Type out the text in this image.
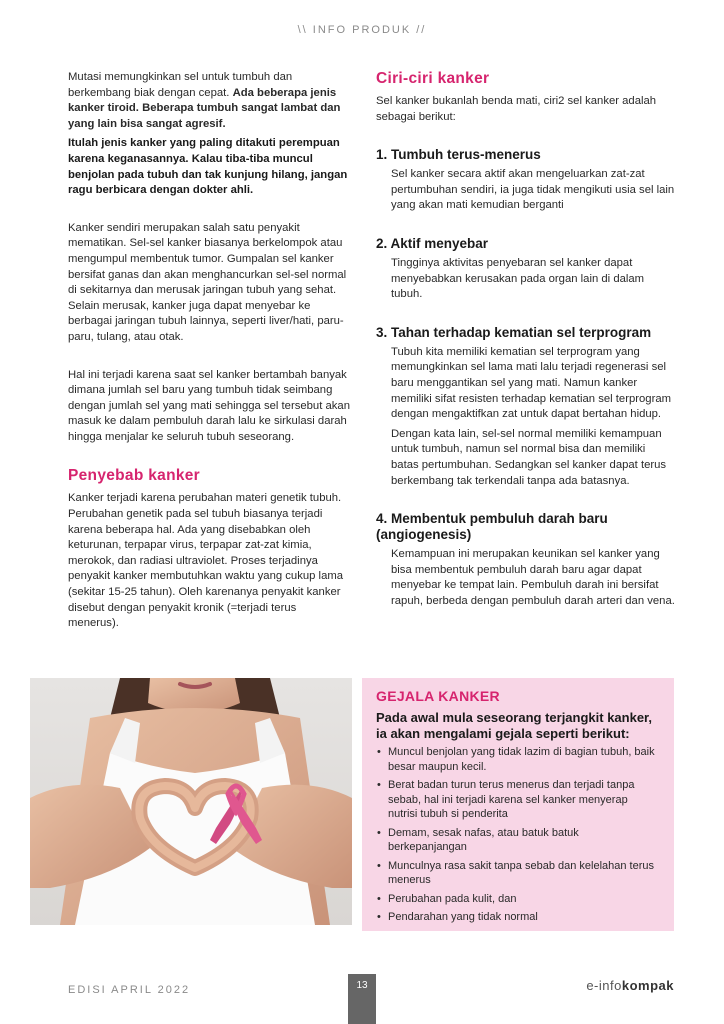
\\ INFO PRODUK //

Mutasi memungkinkan sel untuk tumbuh dan berkembang biak dengan cepat. Ada beberapa jenis kanker tiroid. Beberapa tumbuh sangat lambat dan yang lain bisa sangat agresif.

Itulah jenis kanker yang paling ditakuti perempuan karena keganasannya. Kalau tiba-tiba muncul benjolan pada tubuh dan tak kunjung hilang, jangan ragu berbicara dengan dokter ahli.

Kanker sendiri merupakan salah satu penyakit mematikan. Sel-sel kanker biasanya berkelompok atau mengumpul membentuk tumor. Gumpalan sel kanker bersifat ganas dan akan menghancurkan sel-sel normal di sekitarnya dan merusak jaringan tubuh yang sehat. Selain merusak, kanker juga dapat menyebar ke berbagai jaringan tubuh lainnya, seperti liver/hati, paru-paru, tulang, atau otak.

Hal ini terjadi karena saat sel kanker bertambah banyak dimana jumlah sel baru yang tumbuh tidak seimbang dengan jumlah sel yang mati sehingga sel tersebut akan masuk ke dalam pembuluh darah lalu ke sirkulasi darah hingga menjalar ke seluruh tubuh seseorang.

Penyebab kanker

Kanker terjadi karena perubahan materi genetik tubuh. Perubahan genetik pada sel tubuh biasanya terjadi karena beberapa hal. Ada yang disebabkan oleh keturunan, terpapar virus, terpapar zat-zat kimia, merokok, dan radiasi ultraviolet. Proses terjadinya penyakit kanker membutuhkan waktu yang cukup lama (sekitar 15-25 tahun). Oleh karenanya penyakit kanker disebut dengan penyakit kronik (=terjadi terus menerus).

Ciri-ciri kanker

Sel kanker bukanlah benda mati, ciri2 sel kanker adalah sebagai berikut:

1. Tumbuh terus-menerus

Sel kanker secara aktif akan mengeluarkan zat-zat pertumbuhan sendiri, ia juga tidak mengikuti usia sel lain yang akan mati kemudian berganti

2. Aktif menyebar

Tingginya aktivitas penyebaran sel kanker dapat menyebabkan kerusakan pada organ lain di dalam tubuh.

3. Tahan terhadap kematian sel terprogram

Tubuh kita memiliki kematian sel terprogram yang memungkinkan sel lama mati lalu terjadi regenerasi sel baru menggantikan sel yang mati. Namun kanker memiliki sifat resisten terhadap kematian sel terprogram dengan mengaktifkan zat untuk dapat bertahan hidup.

Dengan kata lain, sel-sel normal memiliki kemampuan untuk tumbuh, namun sel normal bisa dan memiliki batas pertumbuhan. Sedangkan sel kanker dapat terus berkembang tak terkendali tanpa ada batasnya.

4. Membentuk pembuluh darah baru (angiogenesis)

Kemampuan ini merupakan keunikan sel kanker yang bisa membentuk pembuluh darah baru agar dapat menyebar ke tempat lain. Pembuluh darah ini bersifat rapuh, berbeda dengan pembuluh darah arteri dan vena.

GEJALA KANKER

Pada awal mula seseorang terjangkit kanker, ia akan mengalami gejala seperti berikut:

• Muncul benjolan yang tidak lazim di bagian tubuh, baik besar maupun kecil.
• Berat badan turun terus menerus dan terjadi tanpa sebab, hal ini terjadi karena sel kanker menyerap nutrisi tubuh si penderita
• Demam, sesak nafas, atau batuk batuk berkepanjangan
• Munculnya rasa sakit tanpa sebab dan kelelahan terus menerus
• Perubahan pada kulit, dan
• Pendarahan yang tidak normal
EDISI APRIL 2022	13	e-infokompak
